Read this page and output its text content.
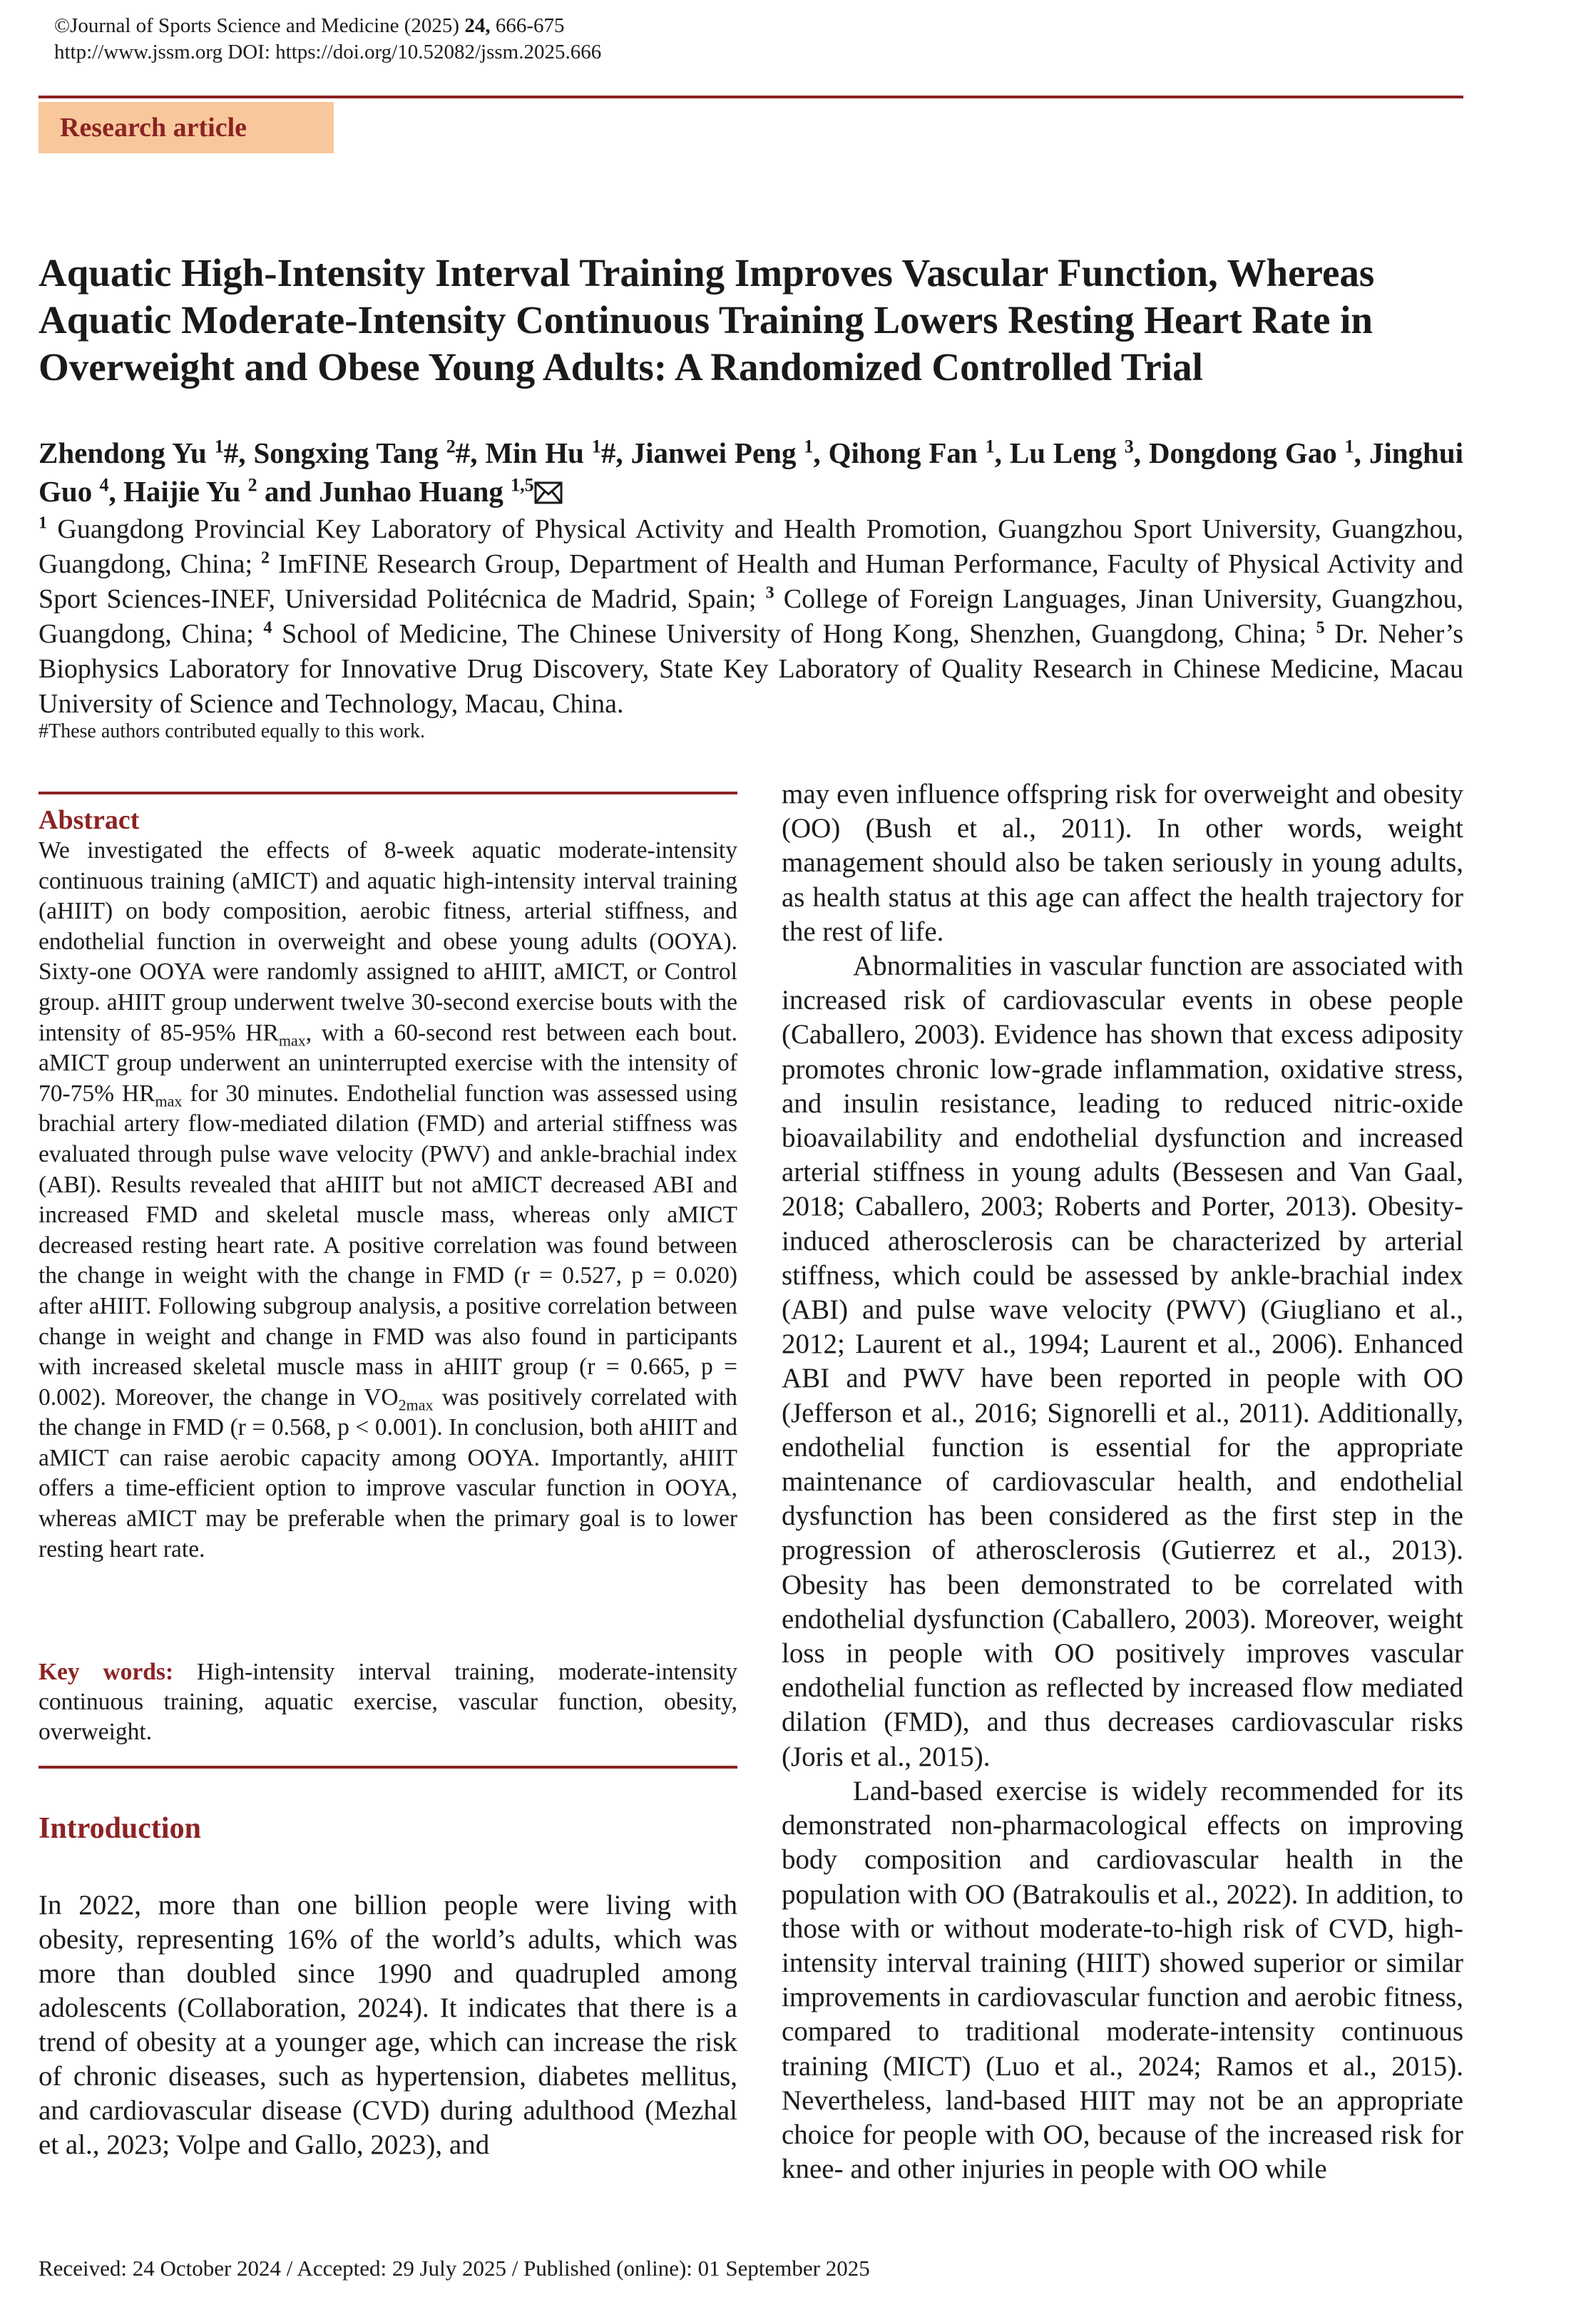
©Journal of Sports Science and Medicine (2025) 24, 666-675
http://www.jssm.org DOI: https://doi.org/10.52082/jssm.2025.666
Research article
Aquatic High-Intensity Interval Training Improves Vascular Function, Whereas Aquatic Moderate-Intensity Continuous Training Lowers Resting Heart Rate in Overweight and Obese Young Adults: A Randomized Controlled Trial
Zhendong Yu $^1$#, Songxing Tang $^2$#, Min Hu $^1$#, Jianwei Peng $^1$, Qihong Fan $^1$, Lu Leng $^3$, Dongdong Gao $^1$, Jinghui Guo $^4$, Haijie Yu $^2$ and Junhao Huang $^{1,5}$
$^1$ Guangdong Provincial Key Laboratory of Physical Activity and Health Promotion, Guangzhou Sport University, Guangzhou, Guangdong, China; $^2$ ImFINE Research Group, Department of Health and Human Performance, Faculty of Physical Activity and Sport Sciences-INEF, Universidad Politécnica de Madrid, Spain; $^3$ College of Foreign Languages, Jinan University, Guangzhou, Guangdong, China; $^4$ School of Medicine, The Chinese University of Hong Kong, Shenzhen, Guangdong, China; $^5$ Dr. Neher’s Biophysics Laboratory for Innovative Drug Discovery, State Key Laboratory of Quality Research in Chinese Medicine, Macau University of Science and Technology, Macau, China.
#These authors contributed equally to this work.
Abstract
We investigated the effects of 8-week aquatic moderate-intensity continuous training (aMICT) and aquatic high-intensity interval training (aHIIT) on body composition, aerobic fitness, arterial stiffness, and endothelial function in overweight and obese young adults (OOYA). Sixty-one OOYA were randomly assigned to aHIIT, aMICT, or Control group. aHIIT group underwent twelve 30-second exercise bouts with the intensity of 85-95% $HR_{max}$, with a 60-second rest between each bout. aMICT group underwent an uninterrupted exercise with the intensity of 70-75% $HR_{max}$ for 30 minutes. Endothelial function was assessed using brachial artery flow-mediated dilation (FMD) and arterial stiffness was evaluated through pulse wave velocity (PWV) and ankle-brachial index (ABI). Results revealed that aHIIT but not aMICT decreased ABI and increased FMD and skeletal muscle mass, whereas only aMICT decreased resting heart rate. A positive correlation was found between the change in weight with the change in FMD (r = 0.527, p = 0.020) after aHIIT. Following subgroup analysis, a positive correlation between change in weight and change in FMD was also found in participants with increased skeletal muscle mass in aHIIT group (r = 0.665, p = 0.002). Moreover, the change in $VO_{2max}$ was positively correlated with the change in FMD (r = 0.568, p < 0.001). In conclusion, both aHIIT and aMICT can raise aerobic capacity among OOYA. Importantly, aHIIT offers a time-efficient option to improve vascular function in OOYA, whereas aMICT may be preferable when the primary goal is to lower resting heart rate.
Key words: High-intensity interval training, moderate-intensity continuous training, aquatic exercise, vascular function, obesity, overweight.
Introduction
In 2022, more than one billion people were living with obesity, representing 16% of the world’s adults, which was more than doubled since 1990 and quadrupled among adolescents (Collaboration, 2024). It indicates that there is a trend of obesity at a younger age, which can increase the risk of chronic diseases, such as hypertension, diabetes mellitus, and cardiovascular disease (CVD) during adulthood (Mezhal et al., 2023; Volpe and Gallo, 2023), and

may even influence offspring risk for overweight and obesity (OO) (Bush et al., 2011). In other words, weight management should also be taken seriously in young adults, as health status at this age can affect the health trajectory for the rest of life.

Abnormalities in vascular function are associated with increased risk of cardiovascular events in obese people (Caballero, 2003). Evidence has shown that excess adiposity promotes chronic low-grade inflammation, oxidative stress, and insulin resistance, leading to reduced nitric-oxide bioavailability and endothelial dysfunction and increased arterial stiffness in young adults (Bessesen and Van Gaal, 2018; Caballero, 2003; Roberts and Porter, 2013). Obesity-induced atherosclerosis can be characterized by arterial stiffness, which could be assessed by ankle-brachial index (ABI) and pulse wave velocity (PWV) (Giugliano et al., 2012; Laurent et al., 1994; Laurent et al., 2006). Enhanced ABI and PWV have been reported in people with OO (Jefferson et al., 2016; Signorelli et al., 2011). Additionally, endothelial function is essential for the appropriate maintenance of cardiovascular health, and endothelial dysfunction has been considered as the first step in the progression of atherosclerosis (Gutierrez et al., 2013). Obesity has been demonstrated to be correlated with endothelial dysfunction (Caballero, 2003). Moreover, weight loss in people with OO positively improves vascular endothelial function as reflected by increased flow mediated dilation (FMD), and thus decreases cardiovascular risks (Joris et al., 2015).

Land-based exercise is widely recommended for its demonstrated non-pharmacological effects on improving body composition and cardiovascular health in the population with OO (Batrakoulis et al., 2022). In addition, to those with or without moderate-to-high risk of CVD, high-intensity interval training (HIIT) showed superior or similar improvements in cardiovascular function and aerobic fitness, compared to traditional moderate-intensity continuous training (MICT) (Luo et al., 2024; Ramos et al., 2015). Nevertheless, land-based HIIT may not be an appropriate choice for people with OO, because of the increased risk for knee- and other injuries in people with OO while

Received: 24 October 2024 / Accepted: 29 July 2025 / Published (online): 01 September 2025
